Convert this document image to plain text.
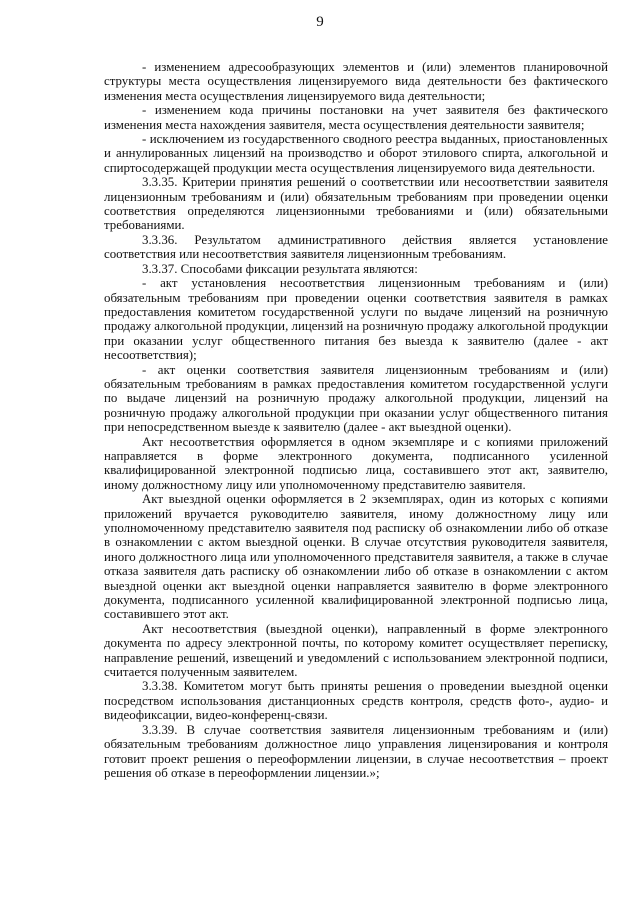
9

- изменением адресообразующих элементов и (или) элементов планировочной структуры места осуществления лицензируемого вида деятельности без фактического изменения места осуществления лицензируемого вида деятельности;

- изменением кода причины постановки на учет заявителя без фактического изменения места нахождения заявителя, места осуществления деятельности заявителя;

- исключением из государственного сводного реестра выданных, приостановленных и аннулированных лицензий на производство и оборот этилового спирта, алкогольной и спиртосодержащей продукции места осуществления лицензируемого вида деятельности.

3.3.35. Критерии принятия решений о соответствии или несоответствии заявителя лицензионным требованиям и (или) обязательным требованиям при проведении оценки соответствия определяются лицензионными требованиями и (или) обязательными требованиями.

3.3.36. Результатом административного действия является установление соответствия или несоответствия заявителя лицензионным требованиям.

3.3.37. Способами фиксации результата являются:

- акт установления несоответствия лицензионным требованиям и (или) обязательным требованиям при проведении оценки соответствия заявителя в рамках предоставления комитетом государственной услуги по выдаче лицензий на розничную продажу алкогольной продукции, лицензий на розничную продажу алкогольной продукции при оказании услуг общественного питания без выезда к заявителю (далее - акт несоответствия);

- акт оценки соответствия заявителя лицензионным требованиям и (или) обязательным требованиям в рамках предоставления комитетом государственной услуги по выдаче лицензий на розничную продажу алкогольной продукции, лицензий на розничную продажу алкогольной продукции при оказании услуг общественного питания при непосредственном выезде к заявителю (далее - акт выездной оценки).

Акт несоответствия оформляется в одном экземпляре и с копиями приложений направляется в форме электронного документа, подписанного усиленной квалифицированной электронной подписью лица, составившего этот акт, заявителю, иному должностному лицу или уполномоченному представителю заявителя.

Акт выездной оценки оформляется в 2 экземплярах, один из которых с копиями приложений вручается руководителю заявителя, иному должностному лицу или уполномоченному представителю заявителя под расписку об ознакомлении либо об отказе в ознакомлении с актом выездной оценки. В случае отсутствия руководителя заявителя, иного должностного лица или уполномоченного представителя заявителя, а также в случае отказа заявителя дать расписку об ознакомлении либо об отказе в ознакомлении с актом выездной оценки акт выездной оценки направляется заявителю в форме электронного документа, подписанного усиленной квалифицированной электронной подписью лица, составившего этот акт.

Акт несоответствия (выездной оценки), направленный в форме электронного документа по адресу электронной почты, по которому комитет осуществляет переписку, направление решений, извещений и уведомлений с использованием электронной подписи, считается полученным заявителем.

3.3.38. Комитетом могут быть приняты решения о проведении выездной оценки посредством использования дистанционных средств контроля, средств фото-, аудио- и видеофиксации, видео-конференц-связи.

3.3.39. В случае соответствия заявителя лицензионным требованиям и (или) обязательным требованиям должностное лицо управления лицензирования и контроля готовит проект решения о переоформлении лицензии, в случае несоответствия – проект решения об отказе в переоформлении лицензии.»;
